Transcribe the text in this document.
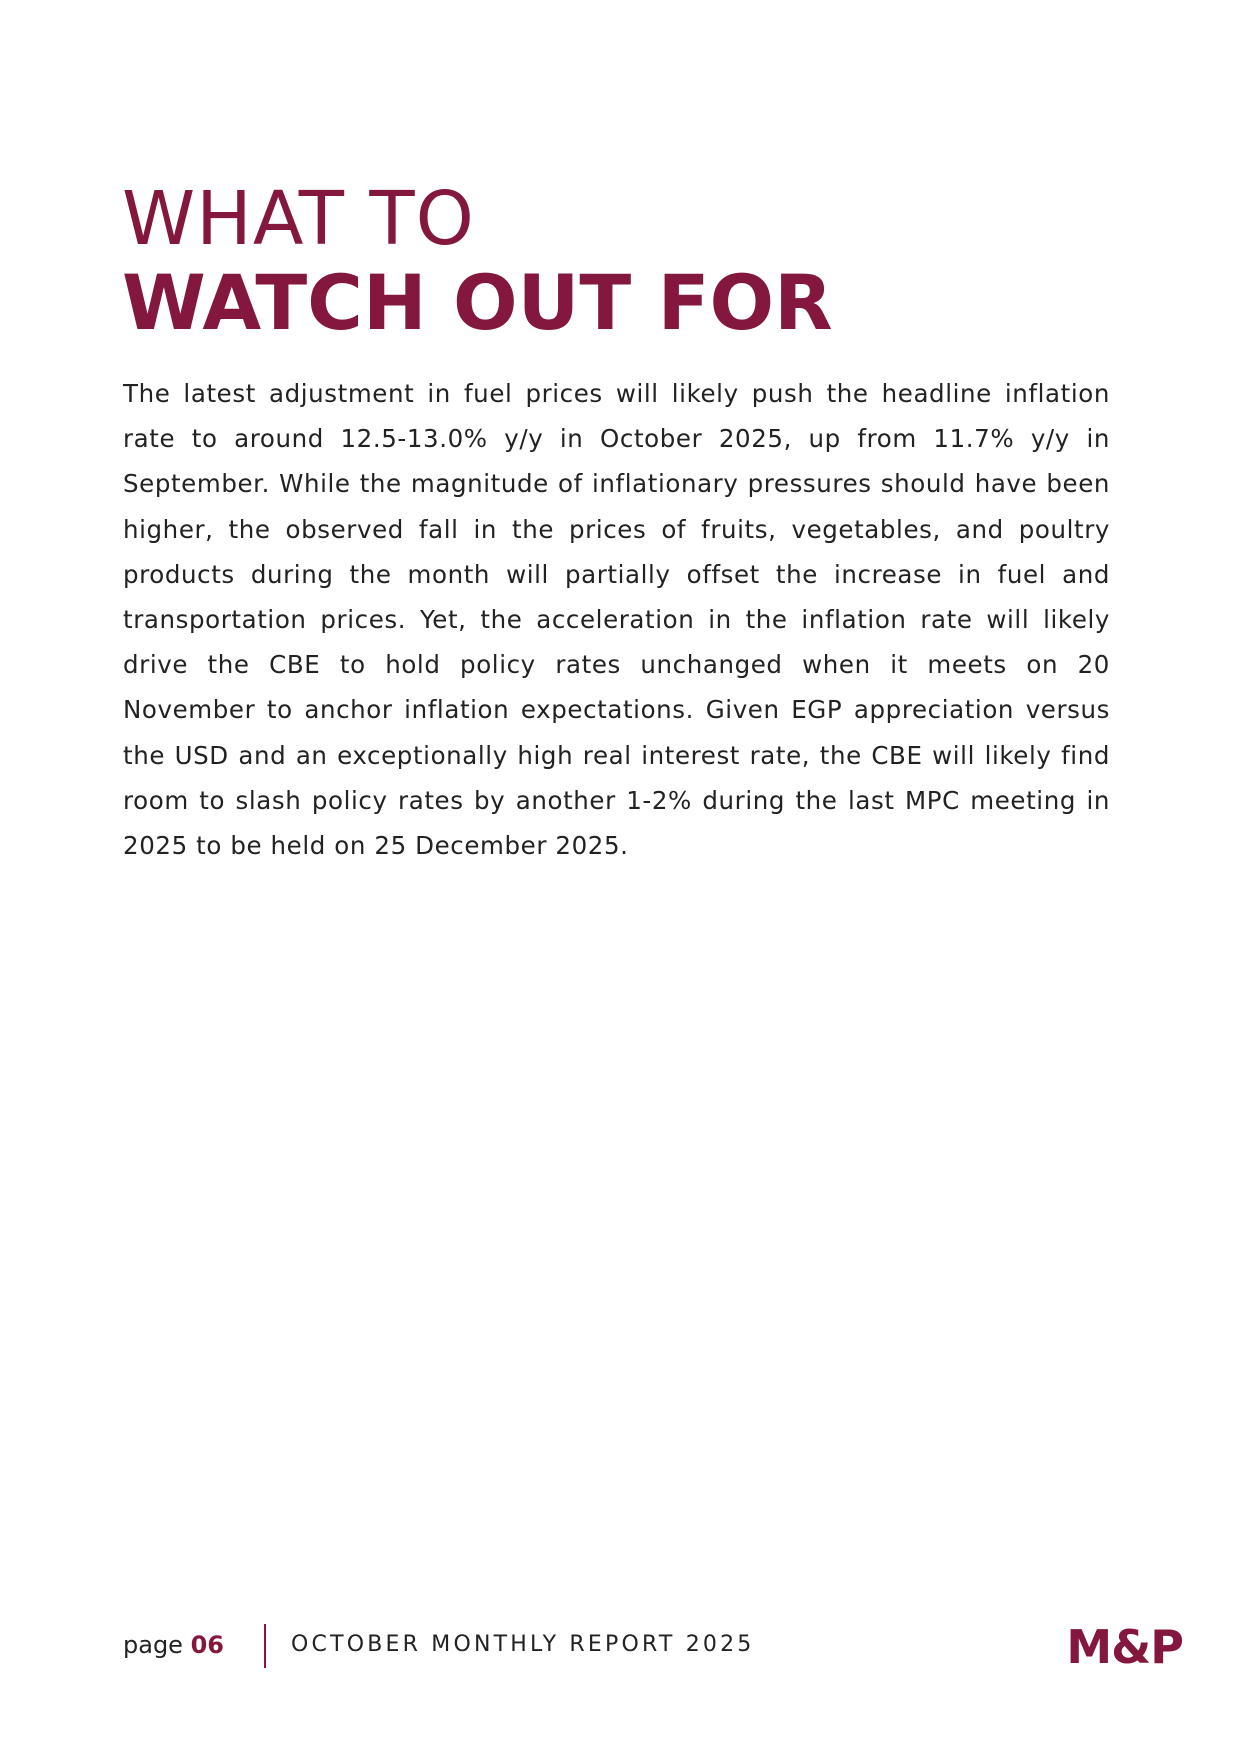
WHAT TO
WATCH OUT FOR

The latest adjustment in fuel prices will likely push the headline inflation rate to around 12.5-13.0% y/y in October 2025, up from 11.7% y/y in September. While the magnitude of inflationary pressures should have been higher, the observed fall in the prices of fruits, vegetables, and poultry products during the month will partially offset the increase in fuel and transportation prices. Yet, the acceleration in the inflation rate will likely drive the CBE to hold policy rates unchanged when it meets on 20 November to anchor inflation expectations. Given EGP appreciation versus the USD and an exceptionally high real interest rate, the CBE will likely find room to slash policy rates by another 1-2% during the last MPC meeting in 2025 to be held on 25 December 2025.

page 06	OCTOBER MONTHLY REPORT 2025	M&P
